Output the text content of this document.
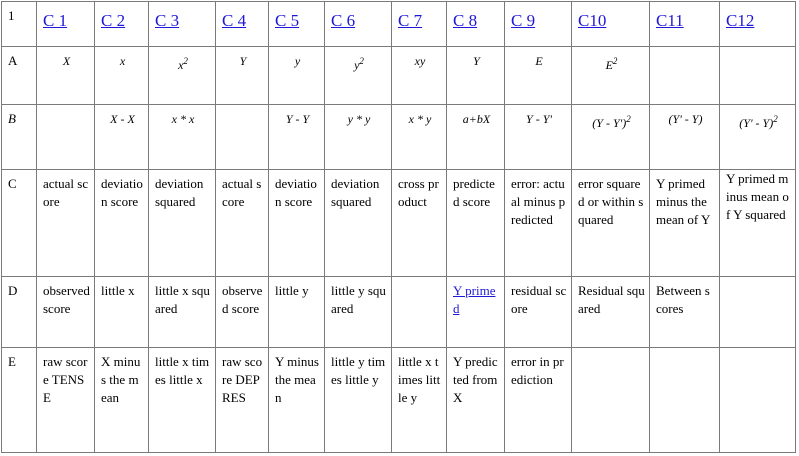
1	C 1	C 2	C 3	C 4	C 5	C 6	C 7	C 8	C 9	C10	C11	C12
A	X	x	$x^2$	Y	y	$y^2$	xy	Y	E	$E^2$		
B		X - X	x * x		Y - Y	y * y	x * y	a+bX	Y - Y'	(Y - Y')$^2$	(Y' - Y)	(Y' - Y)$^2$
C	actual score	deviation score	deviation squared	actual score	deviation score	deviation squared	cross product	predicted score	error: actual minus predicted	error squared or within squared	Y primed minus the mean of Y	Y primed minus mean of Y squared
D	observed score	little x	little x squared	observed score	little y	little y squared		Y primed	residual score	Residual squared	Between scores	
E	raw score TENSE	X minus the mean	little x times little x	raw score DEPRES	Y minus the mean	little y times little y	little x times little y	Y predicted from X	error in prediction			
